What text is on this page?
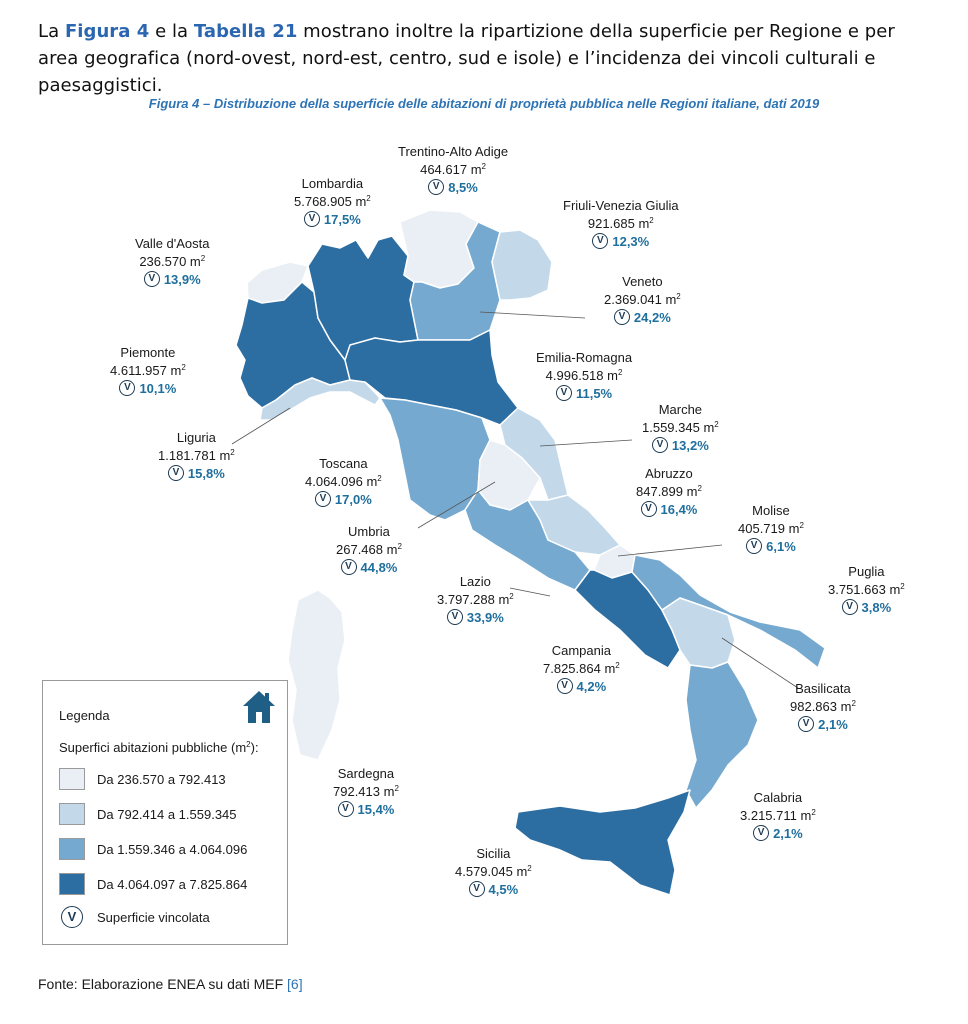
La Figura 4 e la Tabella 21 mostrano inoltre la ripartizione della superficie per Regione e per area geografica (nord-ovest, nord-est, centro, sud e isole) e l’incidenza dei vincoli culturali e paesaggistici.
Figura 4 – Distribuzione della superficie delle abitazioni di proprietà pubblica nelle Regioni italiane, dati 2019
Trentino-Alto Adige
464.617 $m^2$
V 8,5%
Lombardia
5.768.905 $m^2$
V 17,5%
Friuli-Venezia Giulia
921.685 $m^2$
V 12,3%
Valle d'Aosta
236.570 $m^2$
V 13,9%	Veneto
2.369.041 $m^2$
V 24,2%
Piemonte
4.611.957 $m^2$
V 10,1%
Emilia-Romagna
4.996.518 $m^2$
V 11,5%
Liguria
1.181.781 $m^2$
V 15,8%
Marche
1.559.345 $m^2$
V 13,2%
Toscana
4.064.096 $m^2$
V 17,0%
Abruzzo
847.899 $m^2$
V 16,4%
Umbria
267.468 $m^2$
V 44,8%
Molise
405.719 $m^2$
V 6,1%
Puglia
3.751.663 $m^2$
V 3,8%
Lazio
3.797.288 $m^2$
V 33,9%
Campania
7.825.864 $m^2$
V 4,2%	Basilicata
982.863 $m^2$
V 2,1%
Sardegna
792.413 $m^2$
V 15,4%
Calabria
3.215.711 $m^2$
V 2,1%
Sicilia
4.579.045 $m^2$
V 4,5%
Legenda
Superfici abitazioni pubbliche $(m^2)$:
Da 236.570 a 792.413
Da 792.414 a 1.559.345
Da 1.559.346 a 4.064.096
Da 4.064.097 a 7.825.864
V	Superficie vincolata
Fonte: Elaborazione ENEA su dati MEF [6]
